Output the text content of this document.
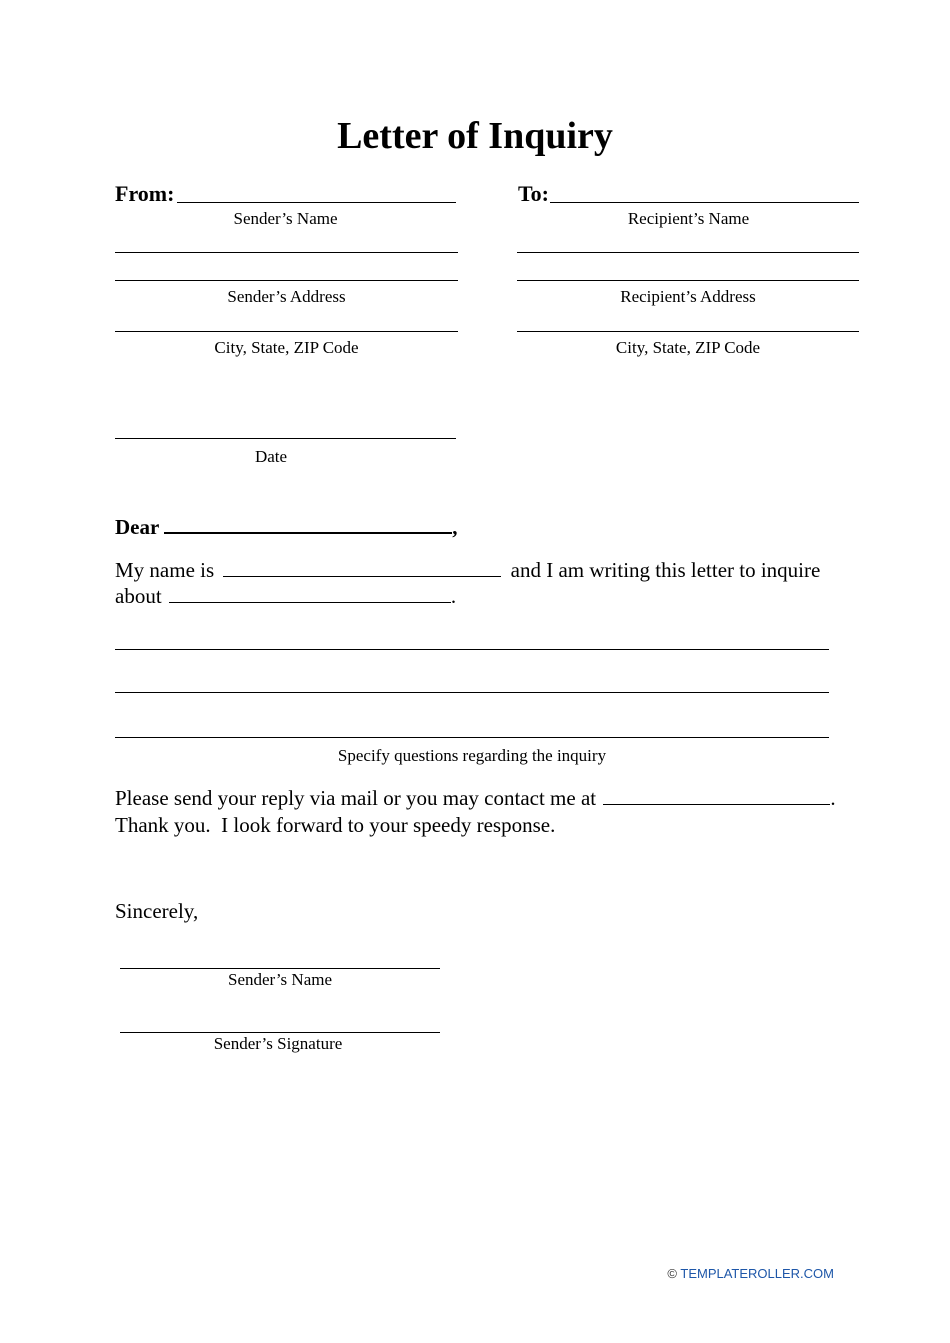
Letter of Inquiry
From:
Sender’s Name
To:
Recipient’s Name
Sender’s Address	Recipient’s Address
City, State, ZIP Code	City, State, ZIP Code
Date
Dear	,
My name is	and I am writing this letter to inquire
about	.
Specify questions regarding the inquiry
Please send your reply via mail or you may contact me at	.
Thank you.  I look forward to your speedy response.
Sincerely,
Sender’s Name
Sender’s Signature
© TEMPLATEROLLER.COM
